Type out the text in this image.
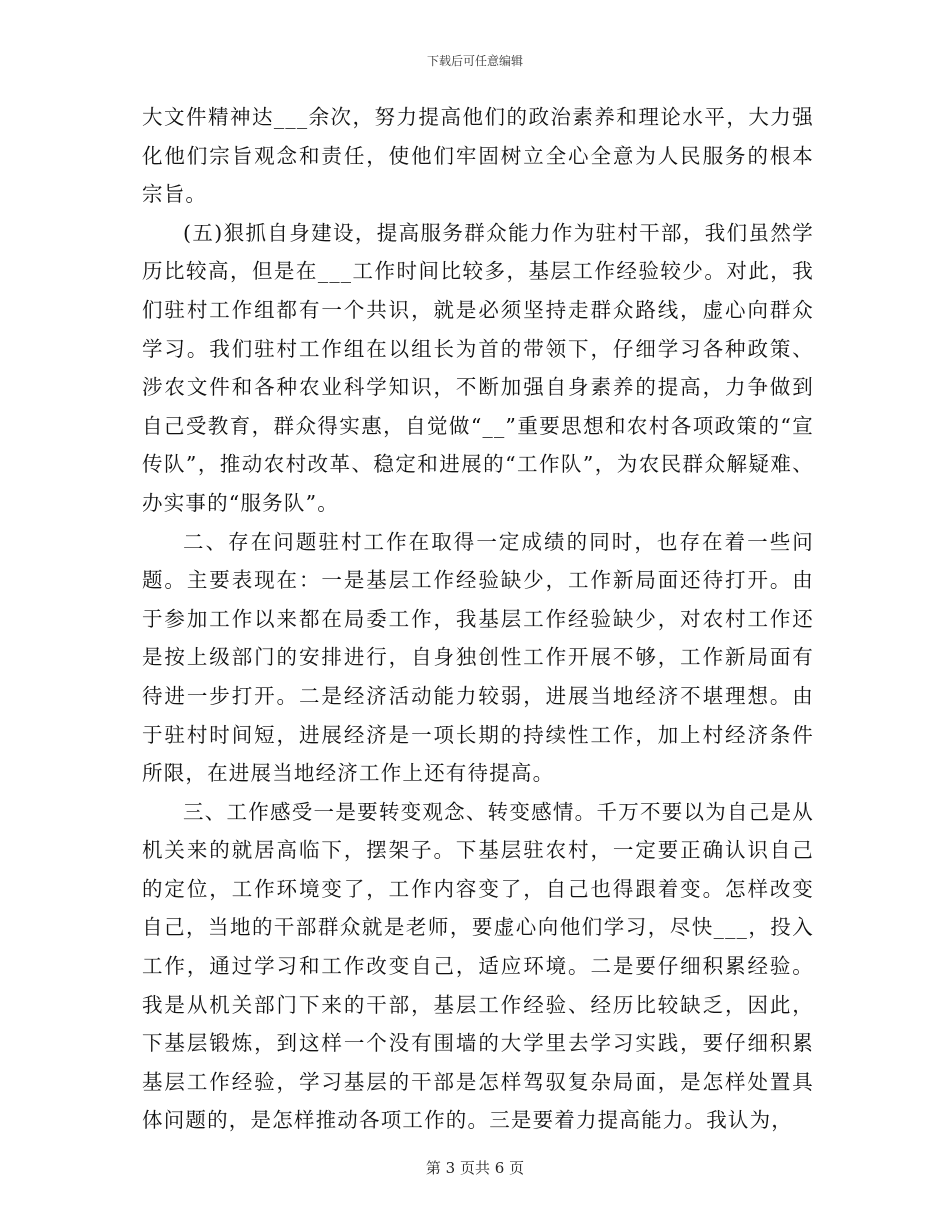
下载后可任意编辑

大文件精神达___余次，努力提高他们的政治素养和理论水平，大力强化他们宗旨观念和责任，使他们牢固树立全心全意为人民服务的根本宗旨。

(五)狠抓自身建设，提高服务群众能力作为驻村干部，我们虽然学历比较高，但是在___工作时间比较多，基层工作经验较少。对此，我们驻村工作组都有一个共识，就是必须坚持走群众路线，虚心向群众学习。我们驻村工作组在以组长为首的带领下，仔细学习各种政策、涉农文件和各种农业科学知识，不断加强自身素养的提高，力争做到自己受教育，群众得实惠，自觉做“__”重要思想和农村各项政策的“宣传队”，推动农村改革、稳定和进展的“工作队”，为农民群众解疑难、办实事的“服务队”。

二、存在问题驻村工作在取得一定成绩的同时，也存在着一些问题。主要表现在：一是基层工作经验缺少，工作新局面还待打开。由于参加工作以来都在局委工作，我基层工作经验缺少，对农村工作还是按上级部门的安排进行，自身独创性工作开展不够，工作新局面有待进一步打开。二是经济活动能力较弱，进展当地经济不堪理想。由于驻村时间短，进展经济是一项长期的持续性工作，加上村经济条件所限，在进展当地经济工作上还有待提高。

三、工作感受一是要转变观念、转变感情。千万不要以为自己是从机关来的就居高临下，摆架子。下基层驻农村，一定要正确认识自己的定位，工作环境变了，工作内容变了，自己也得跟着变。怎样改变自己，当地的干部群众就是老师，要虚心向他们学习，尽快___，投入工作，通过学习和工作改变自己，适应环境。二是要仔细积累经验。我是从机关部门下来的干部，基层工作经验、经历比较缺乏，因此，下基层锻炼，到这样一个没有围墙的大学里去学习实践，要仔细积累基层工作经验，学习基层的干部是怎样驾驭复杂局面，是怎样处置具体问题的，是怎样推动各项工作的。三是要着力提高能力。我认为，

第 3 页共 6 页
